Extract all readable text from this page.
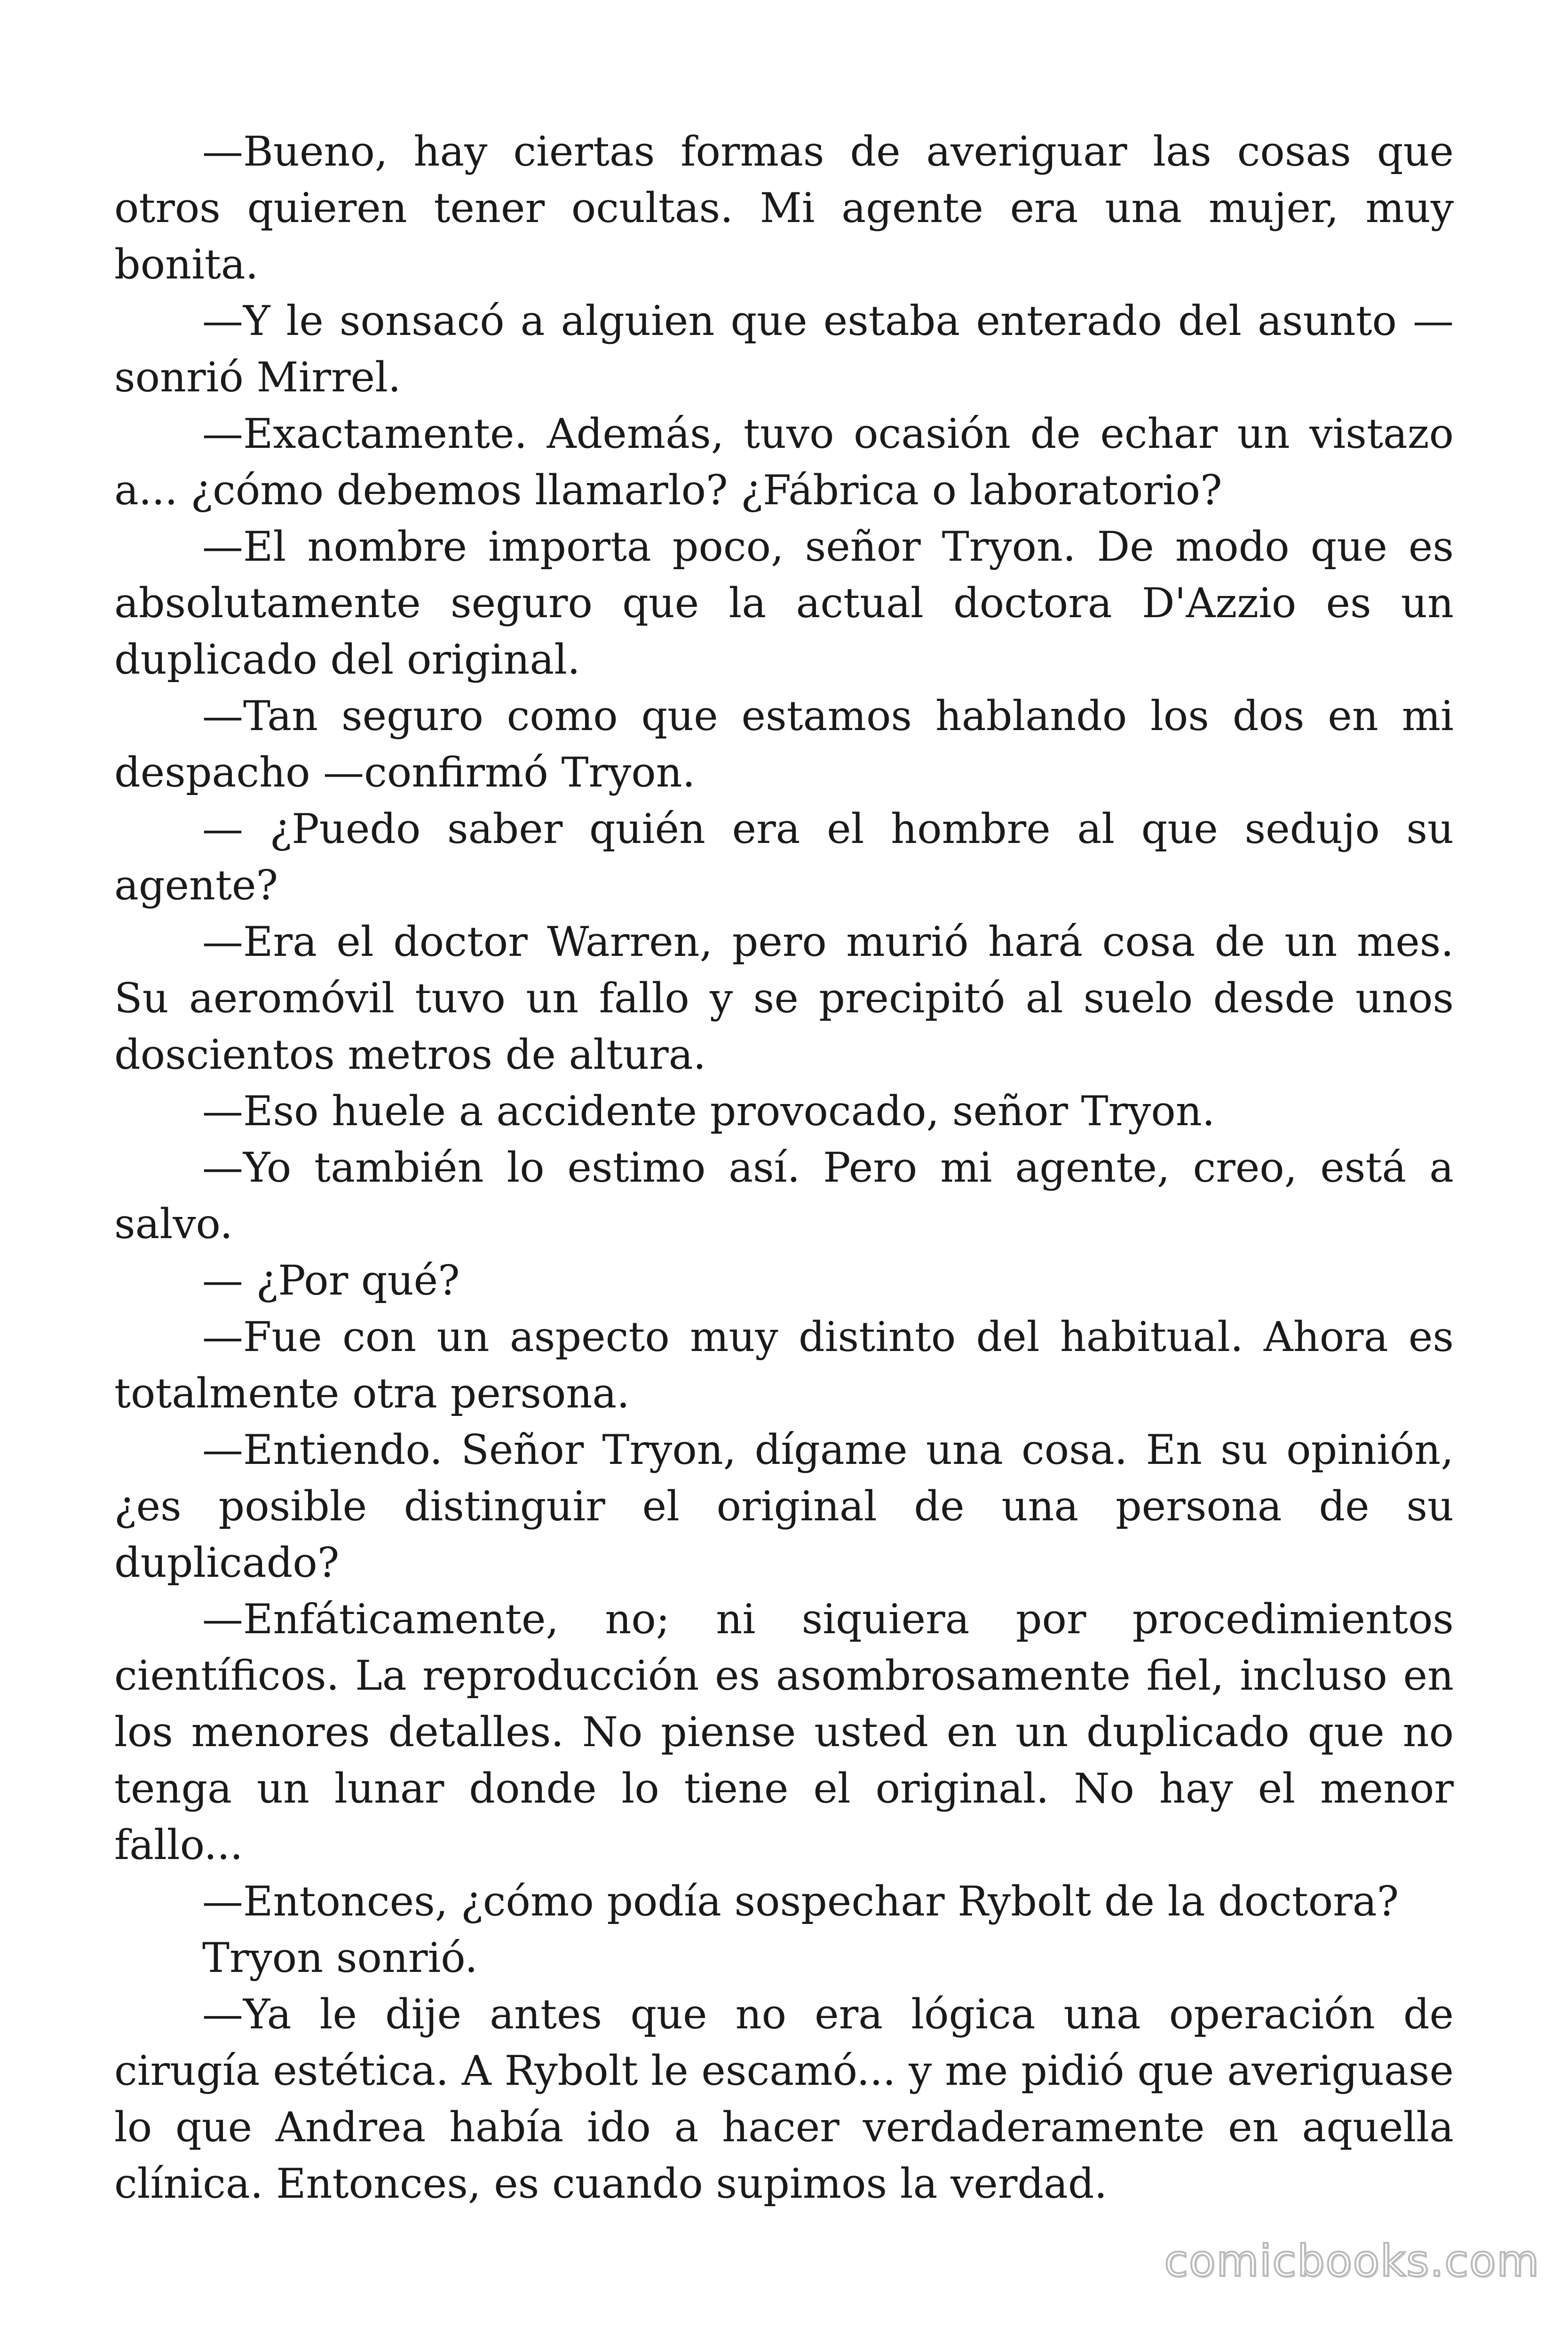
—Bueno, hay ciertas formas de averiguar las cosas que otros quieren tener ocultas. Mi agente era una mujer, muy bonita.

—Y le sonsacó a alguien que estaba enterado del asunto —sonrió Mirrel.

—Exactamente. Además, tuvo ocasión de echar un vistazo a... ¿cómo debemos llamarlo? ¿Fábrica o laboratorio?

—El nombre importa poco, señor Tryon. De modo que es absolutamente seguro que la actual doctora D'Azzio es un duplicado del original.

—Tan seguro como que estamos hablando los dos en mi despacho —confirmó Tryon.

— ¿Puedo saber quién era el hombre al que sedujo su agente?

—Era el doctor Warren, pero murió hará cosa de un mes. Su aeromóvil tuvo un fallo y se precipitó al suelo desde unos doscientos metros de altura.

—Eso huele a accidente provocado, señor Tryon.

—Yo también lo estimo así. Pero mi agente, creo, está a salvo.

— ¿Por qué?

—Fue con un aspecto muy distinto del habitual. Ahora es totalmente otra persona.

—Entiendo. Señor Tryon, dígame una cosa. En su opinión, ¿es posible distinguir el original de una persona de su duplicado?

—Enfáticamente, no; ni siquiera por procedimientos científicos. La reproducción es asombrosamente fiel, incluso en los menores detalles. No piense usted en un duplicado que no tenga un lunar donde lo tiene el original. No hay el menor fallo...

—Entonces, ¿cómo podía sospechar Rybolt de la doctora?

Tryon sonrió.

—Ya le dije antes que no era lógica una operación de cirugía estética. A Rybolt le escamó... y me pidió que averiguase lo que Andrea había ido a hacer verdaderamente en aquella clínica. Entonces, es cuando supimos la verdad.

comicbooks.com
